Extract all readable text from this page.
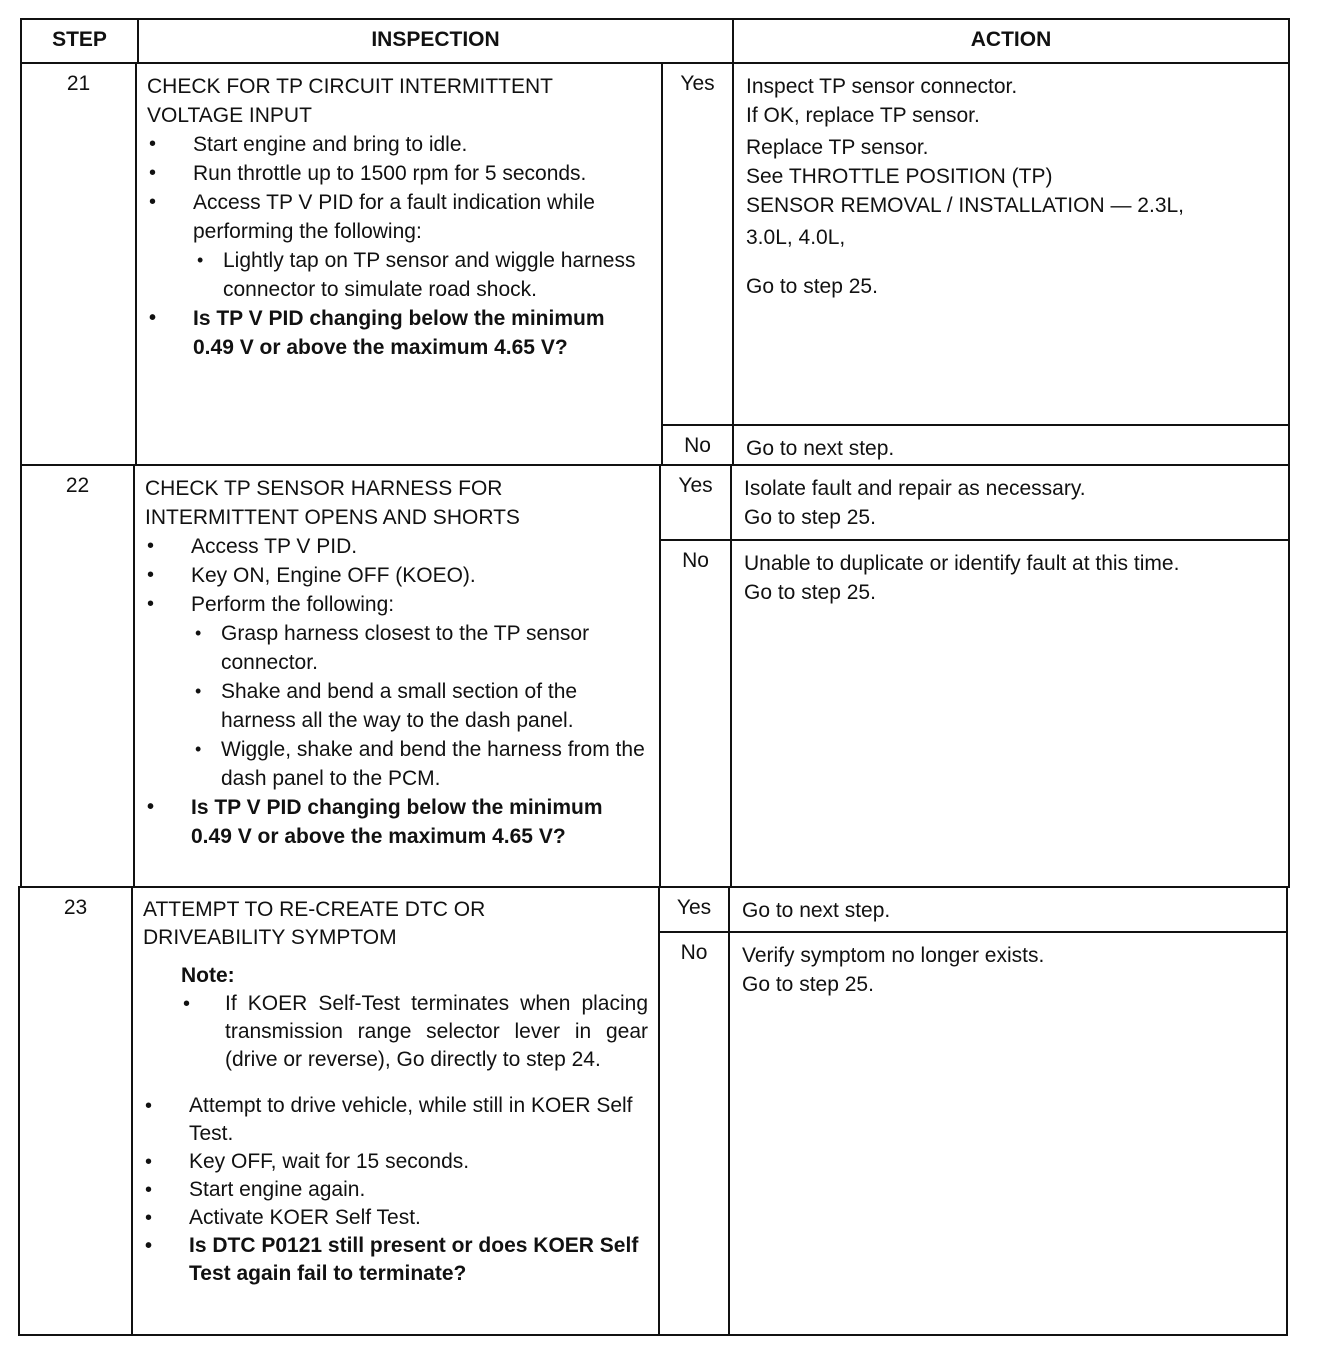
STEP	INSPECTION	ACTION
21	CHECK FOR TP CIRCUIT INTERMITTENT
VOLTAGE INPUT
• Start engine and bring to idle.
• Run throttle up to 1500 rpm for 5 seconds.
• Access TP V PID for a fault indication while performing the following:
• Lightly tap on TP sensor and wiggle harness connector to simulate road shock.
• Is TP V PID changing below the minimum 0.49 V or above the maximum 4.65 V?
Yes	Inspect TP sensor connector.

If OK, replace TP sensor.

Replace TP sensor.

See THROTTLE POSITION (TP)

SENSOR REMOVAL / INSTALLATION — 2.3L,

3.0L, 4.0L,

Go to step 25.

No	Go to next step.

22	CHECK TP SENSOR HARNESS FOR
INTERMITTENT OPENS AND SHORTS
• Access TP V PID.
• Key ON, Engine OFF (KOEO).
• Perform the following:
• Grasp harness closest to the TP sensor connector.
• Shake and bend a small section of the harness all the way to the dash panel.
• Wiggle, shake and bend the harness from the dash panel to the PCM.
• Is TP V PID changing below the minimum 0.49 V or above the maximum 4.65 V?
Yes	Isolate fault and repair as necessary.

Go to step 25.

No	Unable to duplicate or identify fault at this time.

Go to step 25.

23	ATTEMPT TO RE-CREATE DTC OR
DRIVEABILITY SYMPTOM
Note:
• If KOER Self-Test terminates when placing transmission range selector lever in gear (drive or reverse), Go directly to step 24.
• Attempt to drive vehicle, while still in KOER Self Test.
• Key OFF, wait for 15 seconds.
• Start engine again.
• Activate KOER Self Test.
• Is DTC P0121 still present or does KOER Self Test again fail to terminate?
Yes	Go to next step.

No	Verify symptom no longer exists.

Go to step 25.
